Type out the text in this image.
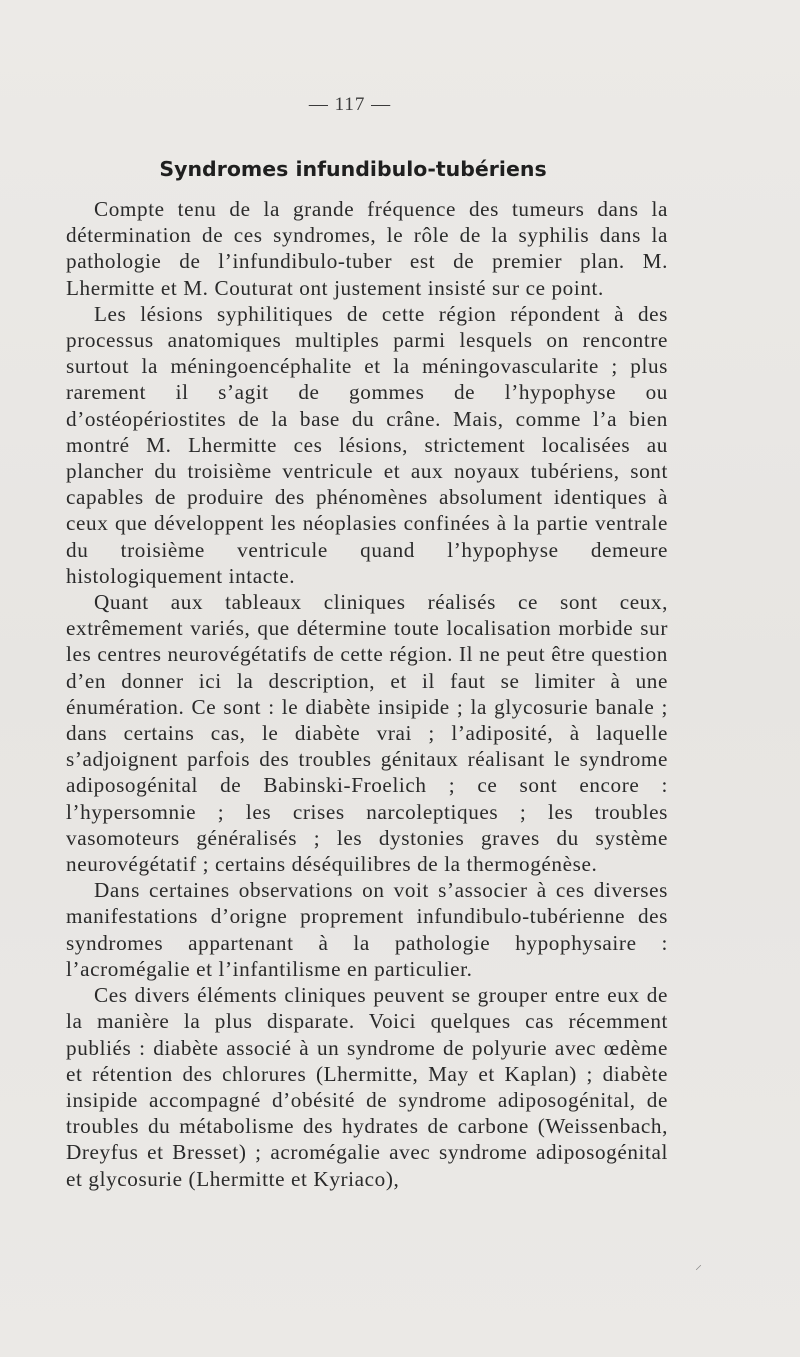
— 117 —
Syndromes infundibulo-tubériens

Compte tenu de la grande fréquence des tumeurs dans la détermination de ces syndromes, le rôle de la syphilis dans la pathologie de l’infundibulo-tuber est de premier plan. M. Lhermitte et M. Couturat ont justement insisté sur ce point.

Les lésions syphilitiques de cette région répondent à des processus anatomiques multiples parmi lesquels on rencontre surtout la méningoencéphalite et la méningovascularite ; plus rarement il s’agit de gommes de l’hypophyse ou d’ostéopériostites de la base du crâne. Mais, comme l’a bien montré M. Lhermitte ces lésions, strictement localisées au plancher du troisième ventricule et aux noyaux tubériens, sont capables de produire des phénomènes absolument identiques à ceux que développent les néoplasies confinées à la partie ventrale du troisième ventricule quand l’hypophyse demeure histologiquement intacte.

Quant aux tableaux cliniques réalisés ce sont ceux, extrêmement variés, que détermine toute localisation morbide sur les centres neurovégétatifs de cette région. Il ne peut être question d’en donner ici la description, et il faut se limiter à une énumération. Ce sont : le diabète insipide ; la glycosurie banale ; dans certains cas, le diabète vrai ; l’adiposité, à laquelle s’adjoignent parfois des troubles génitaux réalisant le syndrome adiposogénital de Babinski-Froelich ; ce sont encore : l’hypersomnie ; les crises narcoleptiques ; les troubles vasomoteurs généralisés ; les dystonies graves du système neurovégétatif ; certains déséquilibres de la thermogénèse.

Dans certaines observations on voit s’associer à ces diverses manifestations d’origne proprement infundibulo-tubérienne des syndromes appartenant à la pathologie hypophysaire : l’acromégalie et l’infantilisme en particulier.

Ces divers éléments cliniques peuvent se grouper entre eux de la manière la plus disparate. Voici quelques cas récemment publiés : diabète associé à un syndrome de polyurie avec œdème et rétention des chlorures (Lhermitte, May et Kaplan) ; diabète insipide accompagné d’obésité de syndrome adiposogénital, de troubles du métabolisme des hydrates de carbone (Weissenbach, Dreyfus et Bresset) ; acromégalie avec syndrome adiposogénital et glycosurie (Lhermitte et Kyriaco),

⸝
